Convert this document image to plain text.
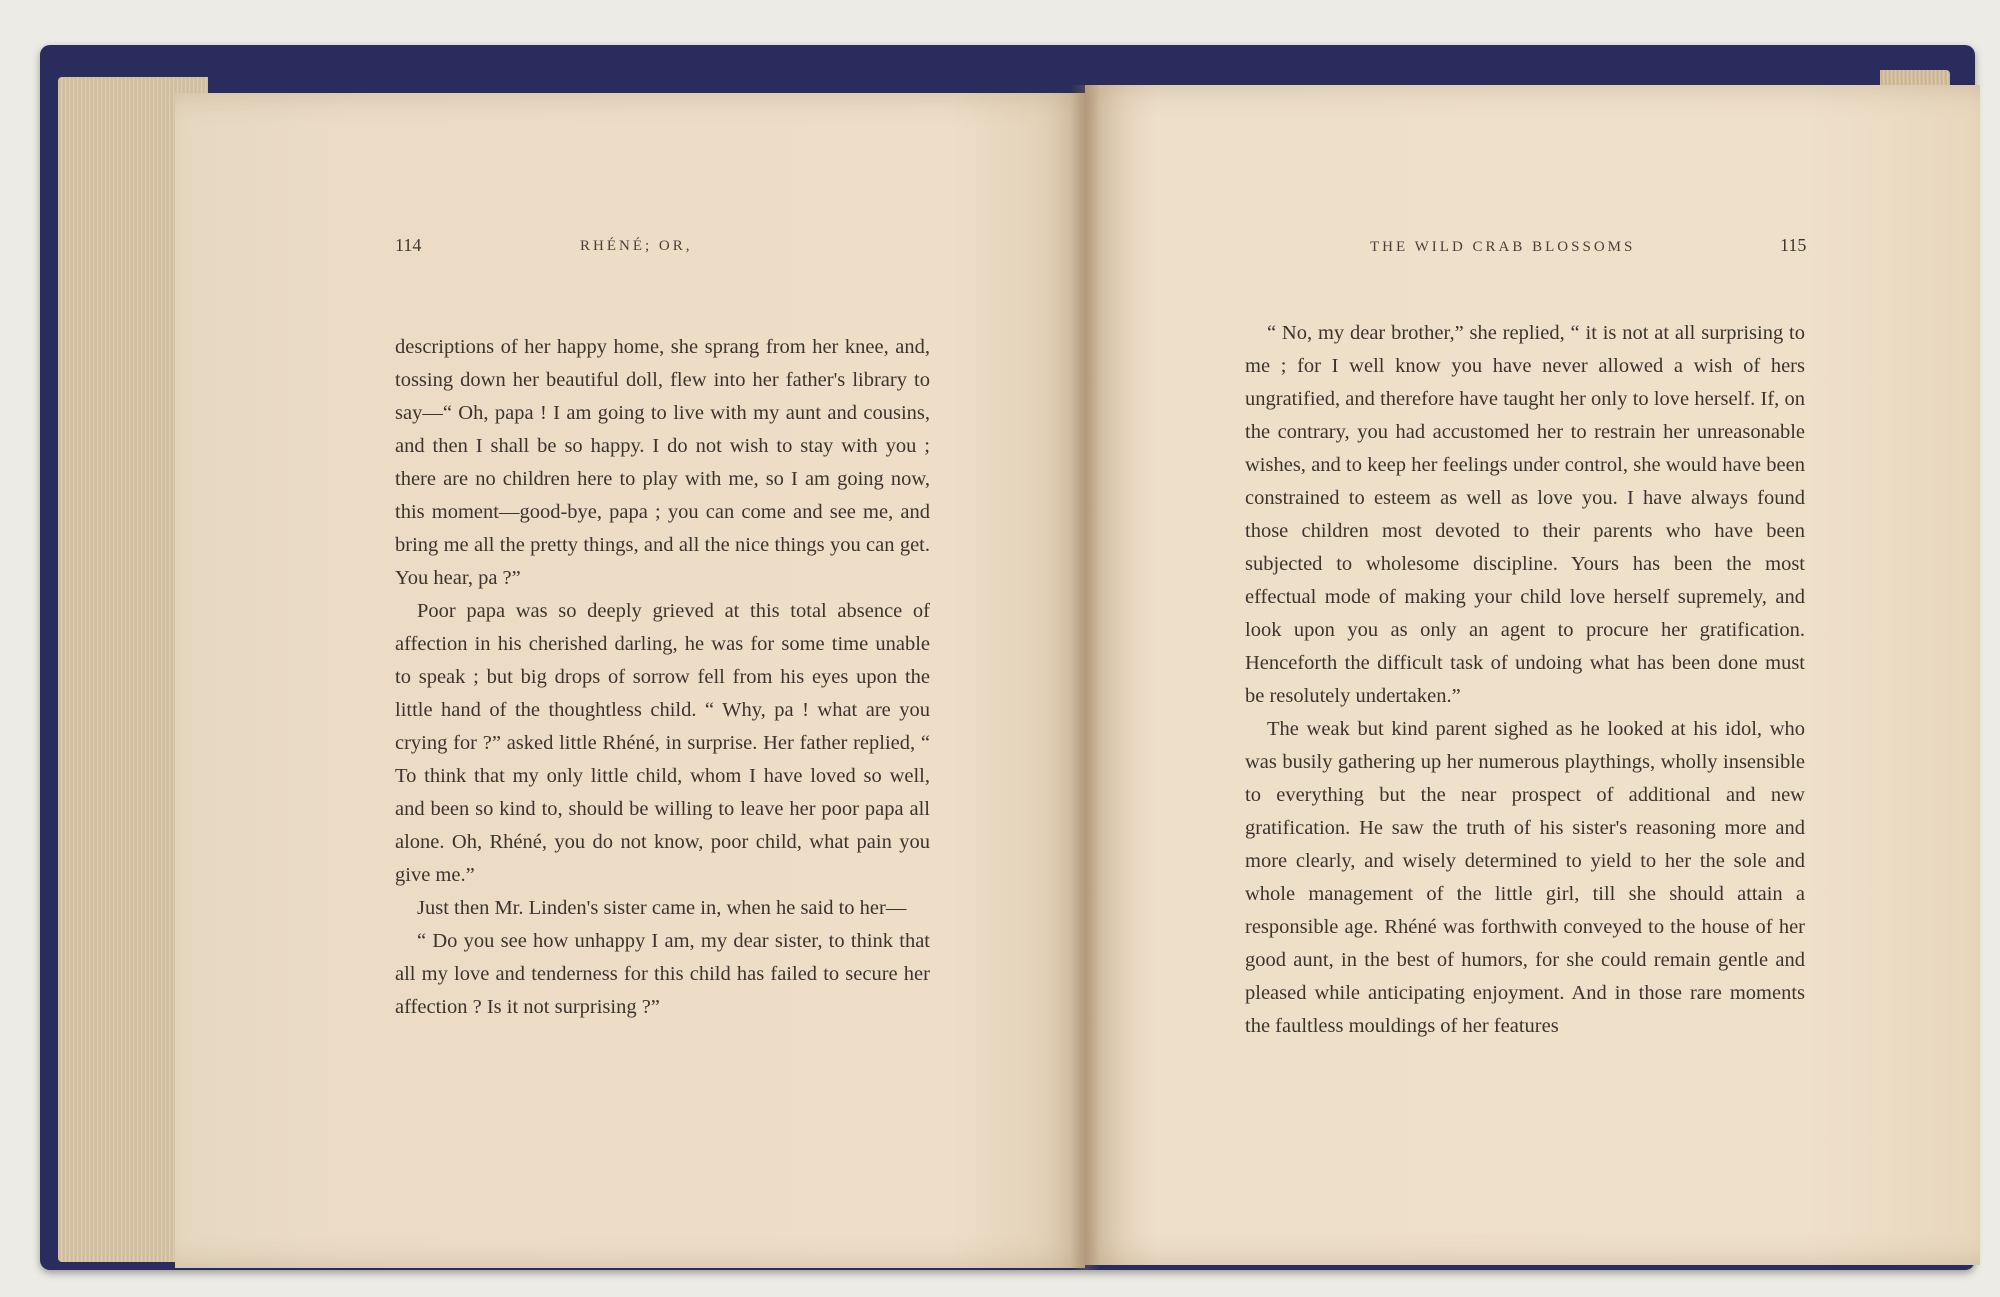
114	RHÉNÉ; OR,

descriptions of her happy home, she sprang from her knee, and, tossing down her beautiful doll, flew into her father's library to say—“ Oh, papa ! I am going to live with my aunt and cousins, and then I shall be so happy. I do not wish to stay with you ; there are no children here to play with me, so I am going now, this moment—good-bye, papa ; you can come and see me, and bring me all the pretty things, and all the nice things you can get. You hear, pa ?”

Poor papa was so deeply grieved at this total absence of affection in his cherished darling, he was for some time unable to speak ; but big drops of sorrow fell from his eyes upon the little hand of the thoughtless child. “ Why, pa ! what are you crying for ?” asked little Rhéné, in surprise. Her father replied, “ To think that my only little child, whom I have loved so well, and been so kind to, should be willing to leave her poor papa all alone. Oh, Rhéné, you do not know, poor child, what pain you give me.”

Just then Mr. Linden's sister came in, when he said to her—

“ Do you see how unhappy I am, my dear sister, to think that all my love and tenderness for this child has failed to secure her affection ? Is it not surprising ?”

THE WILD CRAB BLOSSOMS	115

“ No, my dear brother,” she replied, “ it is not at all surprising to me ; for I well know you have never allowed a wish of hers ungratified, and therefore have taught her only to love herself. If, on the contrary, you had accustomed her to restrain her unreasonable wishes, and to keep her feelings under control, she would have been constrained to esteem as well as love you. I have always found those children most devoted to their parents who have been subjected to wholesome discipline. Yours has been the most effectual mode of making your child love herself supremely, and look upon you as only an agent to procure her gratification. Henceforth the difficult task of undoing what has been done must be resolutely undertaken.”

The weak but kind parent sighed as he looked at his idol, who was busily gathering up her numerous playthings, wholly insensible to everything but the near prospect of additional and new gratification. He saw the truth of his sister's reasoning more and more clearly, and wisely determined to yield to her the sole and whole management of the little girl, till she should attain a responsible age. Rhéné was forthwith conveyed to the house of her good aunt, in the best of humors, for she could remain gentle and pleased while anticipating enjoyment. And in those rare moments the faultless mouldings of her features
